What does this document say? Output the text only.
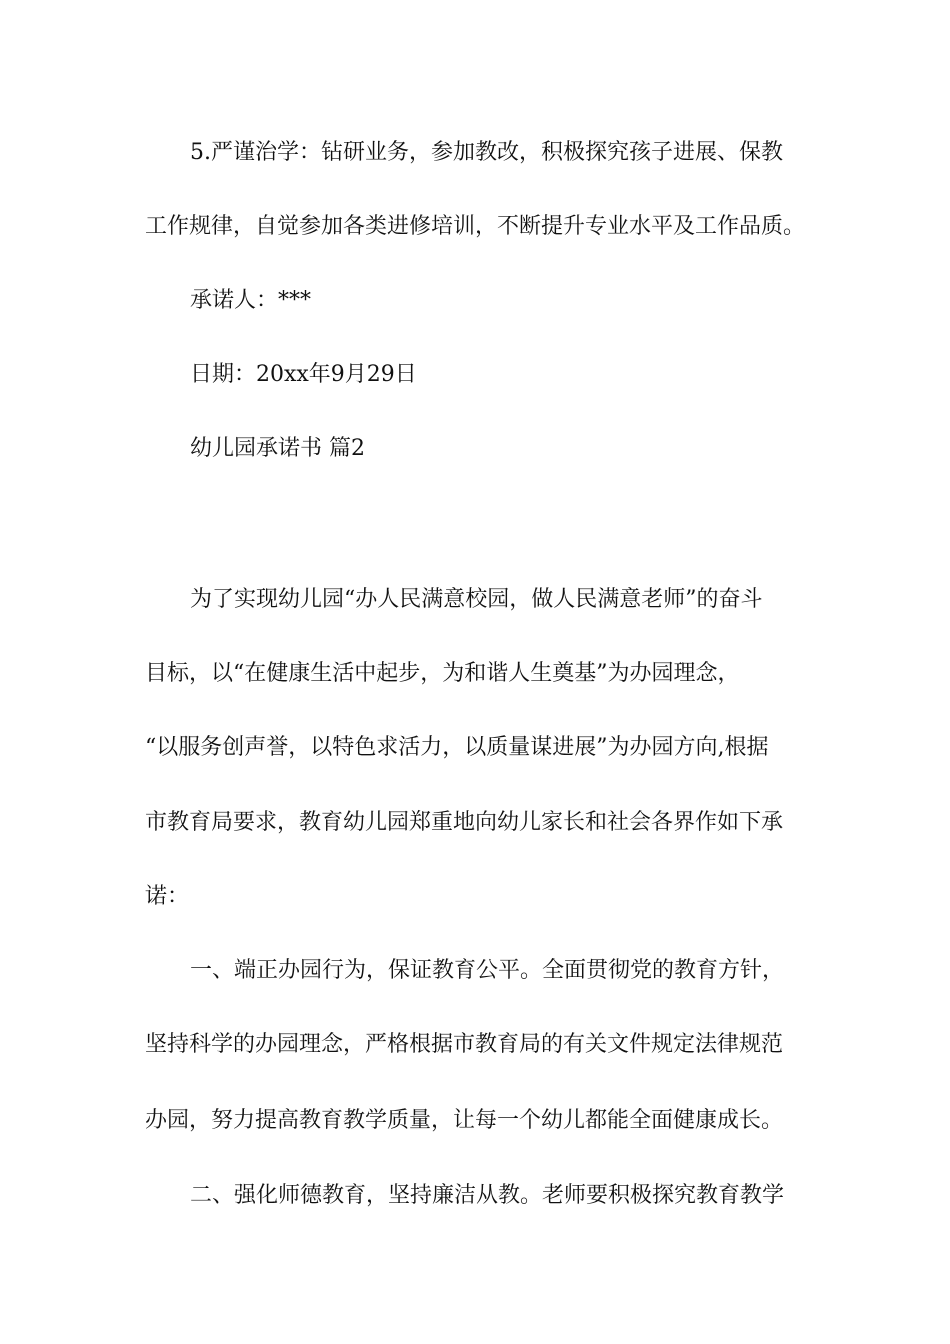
5.严谨治学：钻研业务，参加教改，积极探究孩子进展、保教
工作规律，自觉参加各类进修培训，不断提升专业水平及工作品质。
承诺人：***
日期：20xx年9月29日
幼儿园承诺书 篇2
为了实现幼儿园“办人民满意校园，做人民满意老师”的奋斗
目标，以“在健康生活中起步，为和谐人生奠基”为办园理念，
“以服务创声誉，以特色求活力，以质量谋进展”为办园方向,根据
市教育局要求，教育幼儿园郑重地向幼儿家长和社会各界作如下承
诺：
一、端正办园行为，保证教育公平。全面贯彻党的教育方针，
坚持科学的办园理念，严格根据市教育局的有关文件规定法律规范
办园，努力提高教育教学质量，让每一个幼儿都能全面健康成长。
二、强化师德教育，坚持廉洁从教。老师要积极探究教育教学
